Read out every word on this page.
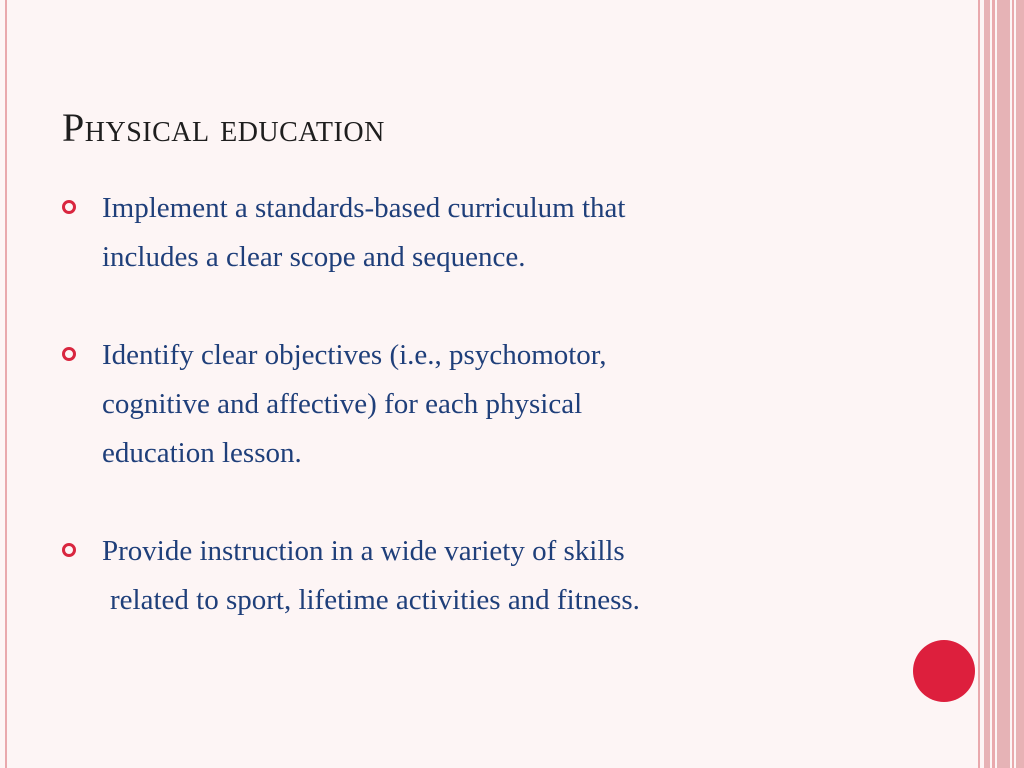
Physical education
Implement a standards-based curriculum that
includes a clear scope and sequence.
Identify clear objectives (i.e., psychomotor,
cognitive and affective) for each physical
education lesson.
Provide instruction in a wide variety of skills
related to sport, lifetime activities and fitness.
